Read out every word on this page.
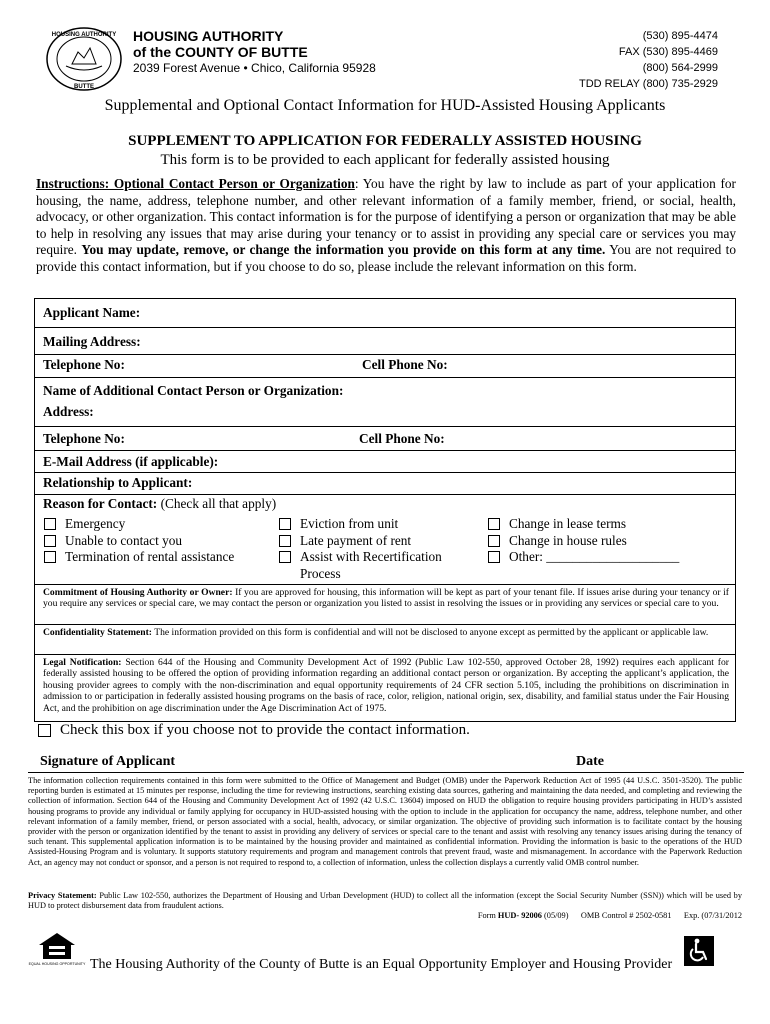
HOUSING AUTHORITY
BUTTE
HOUSING AUTHORITY
of the COUNTY OF BUTTE
2039 Forest Avenue • Chico, California 95928
(530) 895-4474
FAX (530) 895-4469
(800) 564-2999
TDD RELAY (800) 735-2929
Supplemental and Optional Contact Information for HUD-Assisted Housing Applicants
SUPPLEMENT TO APPLICATION FOR FEDERALLY ASSISTED HOUSING
This form is to be provided to each applicant for federally assisted housing
Instructions: Optional Contact Person or Organization: You have the right by law to include as part of your application for housing, the name, address, telephone number, and other relevant information of a family member, friend, or social, health, advocacy, or other organization. This contact information is for the purpose of identifying a person or organization that may be able to help in resolving any issues that may arise during your tenancy or to assist in providing any special care or services you may require. You may update, remove, or change the information you provide on this form at any time. You are not required to provide this contact information, but if you choose to do so, please include the relevant information on this form.
Applicant Name:
Mailing Address:
Telephone No:	Cell Phone No:
Name of Additional Contact Person or Organization:
Address:
Telephone No:	Cell Phone No:
E-Mail Address (if applicable):
Relationship to Applicant:
Reason for Contact: (Check all that apply)
Emergency
Unable to contact you
Termination of rental assistance
Eviction from unit
Late payment of rent
Assist with Recertification
Process
Change in lease terms
Change in house rules
Other: ____________________
Commitment of Housing Authority or Owner: If you are approved for housing, this information will be kept as part of your tenant file. If issues arise during your tenancy or if you require any services or special care, we may contact the person or organization you listed to assist in resolving the issues or in providing any services or special care to you.
Confidentiality Statement: The information provided on this form is confidential and will not be disclosed to anyone except as permitted by the applicant or applicable law.
Legal Notification: Section 644 of the Housing and Community Development Act of 1992 (Public Law 102-550, approved October 28, 1992) requires each applicant for federally assisted housing to be offered the option of providing information regarding an additional contact person or organization. By accepting the applicant’s application, the housing provider agrees to comply with the non-discrimination and equal opportunity requirements of 24 CFR section 5.105, including the prohibitions on discrimination in admission to or participation in federally assisted housing programs on the basis of race, color, religion, national origin, sex, disability, and familial status under the Fair Housing Act, and the prohibition on age discrimination under the Age Discrimination Act of 1975.
Check this box if you choose not to provide the contact information.
Signature of Applicant	Date
The information collection requirements contained in this form were submitted to the Office of Management and Budget (OMB) under the Paperwork Reduction Act of 1995 (44 U.S.C. 3501-3520). The public reporting burden is estimated at 15 minutes per response, including the time for reviewing instructions, searching existing data sources, gathering and maintaining the data needed, and completing and reviewing the collection of information. Section 644 of the Housing and Community Development Act of 1992 (42 U.S.C. 13604) imposed on HUD the obligation to require housing providers participating in HUD’s assisted housing programs to provide any individual or family applying for occupancy in HUD-assisted housing with the option to include in the application for occupancy the name, address, telephone number, and other relevant information of a family member, friend, or person associated with a social, health, advocacy, or similar organization. The objective of providing such information is to facilitate contact by the housing provider with the person or organization identified by the tenant to assist in providing any delivery of services or special care to the tenant and assist with resolving any tenancy issues arising during the tenancy of such tenant. This supplemental application information is to be maintained by the housing provider and maintained as confidential information. Providing the information is basic to the operations of the HUD Assisted-Housing Program and is voluntary. It supports statutory requirements and program and management controls that prevent fraud, waste and mismanagement. In accordance with the Paperwork Reduction Act, an agency may not conduct or sponsor, and a person is not required to respond to, a collection of information, unless the collection displays a currently valid OMB control number.
Privacy Statement: Public Law 102-550, authorizes the Department of Housing and Urban Development (HUD) to collect all the information (except the Social Security Number (SSN)) which will be used by HUD to protect disbursement data from fraudulent actions.
Form HUD- 92006 (05/09)      OMB Control # 2502-0581      Exp. (07/31/2012
EQUAL HOUSING OPPORTUNITY The Housing Authority of the County of Butte is an Equal Opportunity Employer and Housing Provider
